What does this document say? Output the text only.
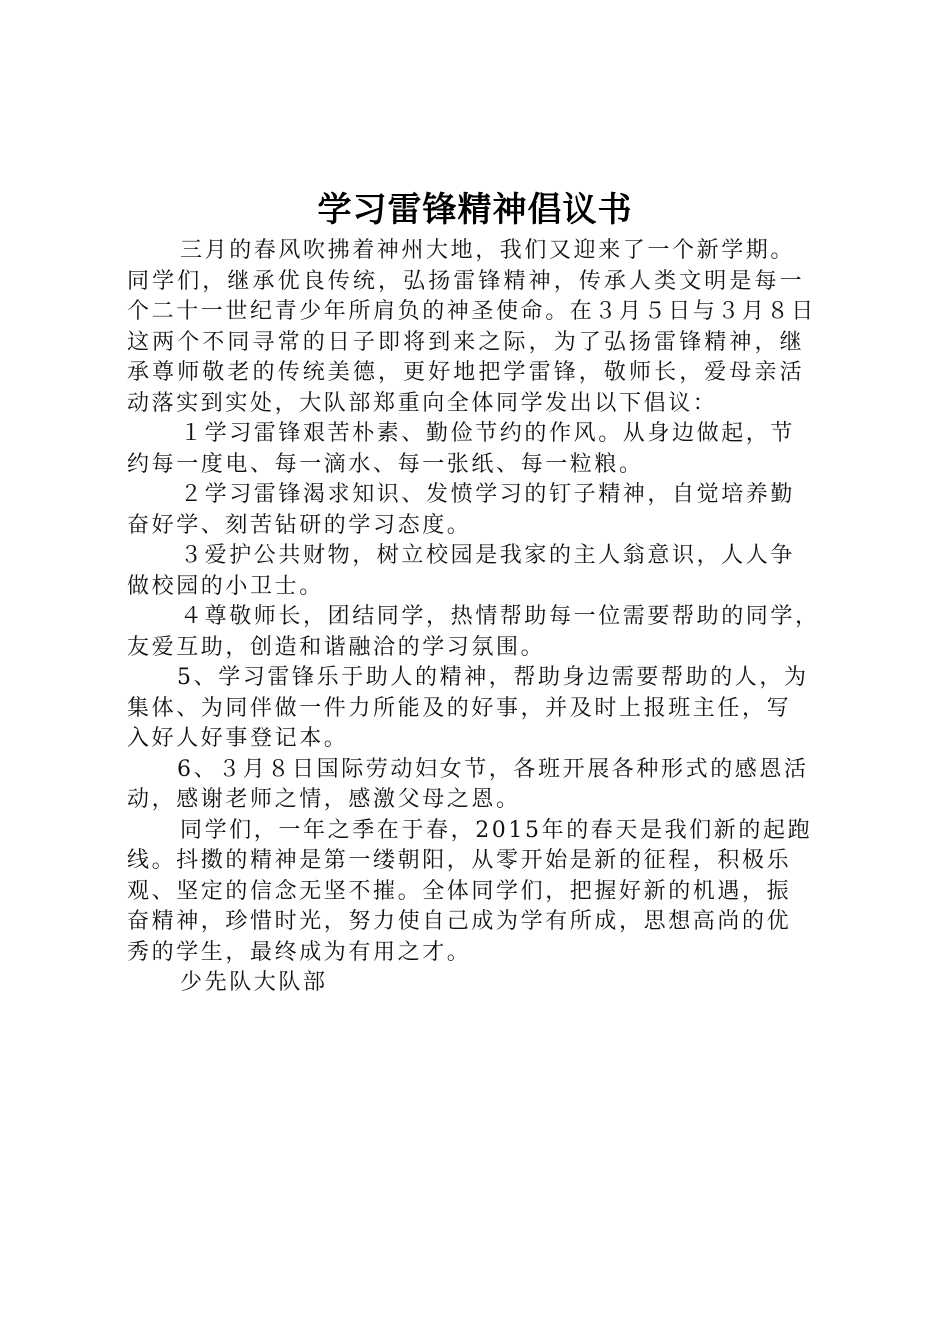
学习雷锋精神倡议书
三月的春风吹拂着神州大地，我们又迎来了一个新学期。
同学们，继承优良传统，弘扬雷锋精神，传承人类文明是每一
个二十一世纪青少年所肩负的神圣使命。在３月５日与３月８日
这两个不同寻常的日子即将到来之际，为了弘扬雷锋精神，继
承尊师敬老的传统美德，更好地把学雷锋，敬师长，爱母亲活
动落实到实处，大队部郑重向全体同学发出以下倡议：
１学习雷锋艰苦朴素、勤俭节约的作风。从身边做起，节
约每一度电、每一滴水、每一张纸、每一粒粮。
２学习雷锋渴求知识、发愤学习的钉子精神，自觉培养勤
奋好学、刻苦钻研的学习态度。
３爱护公共财物，树立校园是我家的主人翁意识，人人争
做校园的小卫士。
４尊敬师长，团结同学，热情帮助每一位需要帮助的同学，
友爱互助，创造和谐融洽的学习氛围。
5、学习雷锋乐于助人的精神，帮助身边需要帮助的人，为
集体、为同伴做一件力所能及的好事，并及时上报班主任，写
入好人好事登记本。
6、３月８日国际劳动妇女节，各班开展各种形式的感恩活
动，感谢老师之情，感激父母之恩。
同学们，一年之季在于春，2015年的春天是我们新的起跑
线。抖擞的精神是第一缕朝阳，从零开始是新的征程，积极乐
观、坚定的信念无坚不摧。全体同学们，把握好新的机遇，振
奋精神，珍惜时光，努力使自己成为学有所成，思想高尚的优
秀的学生，最终成为有用之才。
少先队大队部
